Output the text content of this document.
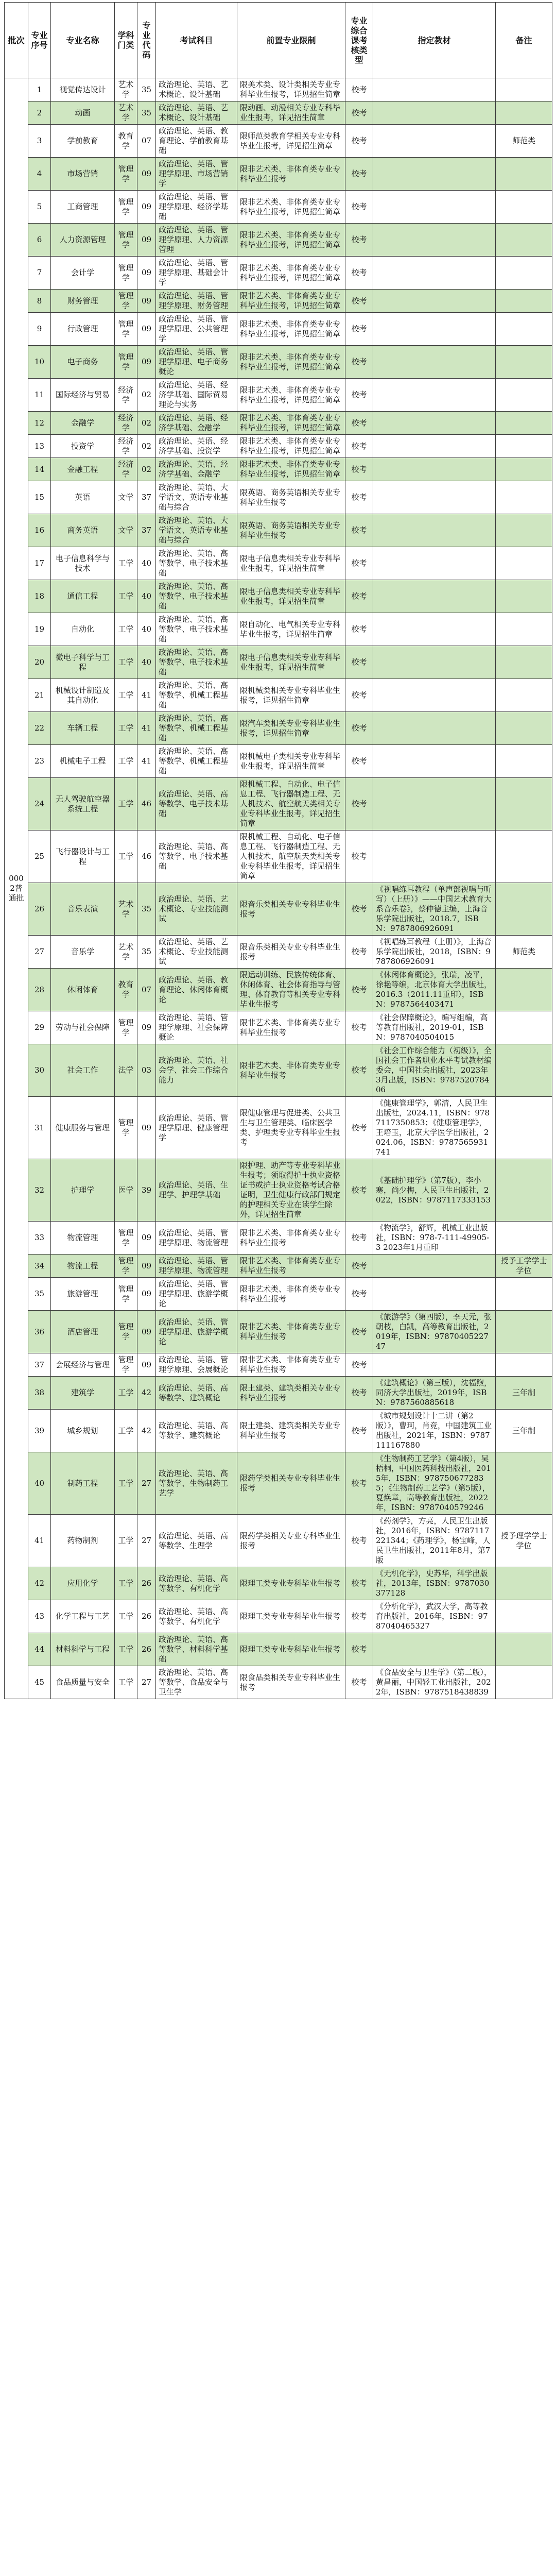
批次	专业序号	专业名称	学科门类	专业代码	考试科目	前置专业限制	专业综合课考核类型	指定教材	备注
0002普通批	1	视觉传达设计	艺术学	35	政治理论、英语、艺术概论、设计基础	限美术类、设计类相关专业专科毕业生报考，详见招生简章	校考		
	2	动画	艺术学	35	政治理论、英语、艺术概论、设计基础	限动画、动漫相关专业专科毕业生报考，详见招生简章	校考		
	3	学前教育	教育学	07	政治理论、英语、教育理论、学前教育基础	限师范类教育学相关专业专科毕业生报考，详见招生简章	校考		师范类
	4	市场营销	管理学	09	政治理论、英语、管理学原理、市场营销学	限非艺术类、非体育类专业专科毕业生报考	校考		
	5	工商管理	管理学	09	政治理论、英语、管理学原理、经济学基础	限非艺术类、非体育类专业专科毕业生报考，详见招生简章	校考		
	6	人力资源管理	管理学	09	政治理论、英语、管理学原理、人力资源管理	限非艺术类、非体育类专业专科毕业生报考，详见招生简章	校考		
	7	会计学	管理学	09	政治理论、英语、管理学原理、基础会计学	限非艺术类、非体育类专业专科毕业生报考，详见招生简章	校考		
	8	财务管理	管理学	09	政治理论、英语、管理学原理、财务管理	限非艺术类、非体育类专业专科毕业生报考，详见招生简章	校考		
	9	行政管理	管理学	09	政治理论、英语、管理学原理、公共管理学	限非艺术类、非体育类专业专科毕业生报考，详见招生简章	校考		
	10	电子商务	管理学	09	政治理论、英语、管理学原理、电子商务概论	限非艺术类、非体育类专业专科毕业生报考，详见招生简章	校考		
	11	国际经济与贸易	经济学	02	政治理论、英语、经济学基础、国际贸易理论与实务	限非艺术类、非体育类专业专科毕业生报考，详见招生简章	校考		
	12	金融学	经济学	02	政治理论、英语、经济学基础、金融学	限非艺术类、非体育类专业专科毕业生报考，详见招生简章	校考		
	13	投资学	经济学	02	政治理论、英语、经济学基础、投资学	限非艺术类、非体育类专业专科毕业生报考，详见招生简章	校考		
	14	金融工程	经济学	02	政治理论、英语、经济学基础、金融学	限非艺术类、非体育类专业专科毕业生报考，详见招生简章	校考		
	15	英语	文学	37	政治理论、英语、大学语文、英语专业基础与综合	限英语、商务英语相关专业专科毕业生报考	校考		
	16	商务英语	文学	37	政治理论、英语、大学语文、英语专业基础与综合	限英语、商务英语相关专业专科毕业生报考	校考		
	17	电子信息科学与技术	工学	40	政治理论、英语、高等数学、电子技术基础	限电子信息类相关专业专科毕业生报考，详见招生简章	校考		
	18	通信工程	工学	40	政治理论、英语、高等数学、电子技术基础	限电子信息类相关专业专科毕业生报考，详见招生简章	校考		
	19	自动化	工学	40	政治理论、英语、高等数学、电子技术基础	限自动化、电气相关专业专科毕业生报考，详见招生简章	校考		
	20	微电子科学与工程	工学	40	政治理论、英语、高等数学、电子技术基础	限电子信息类相关专业专科毕业生报考，详见招生简章	校考		
	21	机械设计制造及其自动化	工学	41	政治理论、英语、高等数学、机械工程基础	限机械类相关专业专科毕业生报考，详见招生简章	校考		
	22	车辆工程	工学	41	政治理论、英语、高等数学、机械工程基础	限汽车类相关专业专科毕业生报考，详见招生简章	校考		
	23	机械电子工程	工学	41	政治理论、英语、高等数学、机械工程基础	限机械电子类相关专业专科毕业生报考，详见招生简章	校考		
	24	无人驾驶航空器系统工程	工学	46	政治理论、英语、高等数学、电子技术基础	限机械工程、自动化、电子信息工程、飞行器制造工程、无人机技术、航空航天类相关专业专科毕业生报考，详见招生简章	校考		
	25	飞行器设计与工程	工学	46	政治理论、英语、高等数学、电子技术基础	限机械工程、自动化、电子信息工程、飞行器制造工程、无人机技术、航空航天类相关专业专科毕业生报考，详见招生简章	校考		
	26	音乐表演	艺术学	35	政治理论、英语、艺术概论、专业技能测试	限音乐类相关专业专科毕业生报考	校考	《视唱练耳教程（单声部视唱与听写）（上册）》——中国艺术教育大系音乐卷》，蔡仲德主编，上海音乐学院出版社，2018.7，ISBN：9787806926091	
	27	音乐学	艺术学	35	政治理论、英语、艺术概论、专业技能测试	限音乐类相关专业专科毕业生报考	校考	《视唱练耳教程（上册）》，上海音乐学院出版社，2018，ISBN：9787806926091	师范类
	28	休闲体育	教育学	07	政治理论、英语、教育理论、休闲体育概论	限运动训练、民族传统体育、休闲体育、社会体育指导与管理、体育教育等相关专业专科毕业生报考	校考	《休闲体育概论》，张瑞，凌平，徐艳等编，北京体育大学出版社，2016.3（2011.11重印），ISBN：9787564403471	
	29	劳动与社会保障	管理学	09	政治理论、英语、管理学原理、社会保障概论	限非艺术类、非体育类专业专科毕业生报考	校考	《社会保障概论》，编写组编，高等教育出版社，2019-01，ISBN：9787040504015	
	30	社会工作	法学	03	政治理论、英语、社会学、社会工作综合能力	限非艺术类、非体育类专业专科毕业生报考	校考	《社会工作综合能力（初级）》，全国社会工作者职业水平考试教材编委会，中国社会出版社，2023年3月出版，ISBN：978752078406	
	31	健康服务与管理	管理学	09	政治理论、英语、管理学原理、健康管理学	限健康管理与促进类、公共卫生与卫生管理类、临床医学类、护理类专业专科毕业生报考	校考	《健康管理学》，郭清，人民卫生出版社，2024.11，ISBN：9787117350853；《健康管理学》，王培玉，北京大学医学出版社，2024.06，ISBN：9787565931741	
	32	护理学	医学	39	政治理论、英语、生理学、护理学基础	限护理、助产等专业专科毕业生报考；须取得护士执业资格证书或护士执业资格考试合格证明，卫生健康行政部门规定的护理相关专业在读学生除外，详见招生简章	校考	《基础护理学》（第7版），李小寒，尚少梅，人民卫生出版社，2022，ISBN：9787117333153	
	33	物流管理	管理学	09	政治理论、英语、管理学原理、物流管理	限非艺术类、非体育类专业专科毕业生报考	校考	《物流学》，舒辉，机械工业出版社，ISBN：978-7-111-49905-3 2023年1月重印	
	34	物流工程	管理学	09	政治理论、英语、管理学原理、物流管理	限非艺术类、非体育类专业专科毕业生报考	校考		授予工学学士学位
	35	旅游管理	管理学	09	政治理论、英语、管理学原理、旅游学概论	限非艺术类、非体育类专业专科毕业生报考	校考		
	36	酒店管理	管理学	09	政治理论、英语、管理学原理、旅游学概论	限非艺术类、非体育类专业专科毕业生报考	校考	《旅游学》（第四版），李天元，张朝枝，白凯，高等教育出版社，2019年，ISBN：9787040522747	
	37	会展经济与管理	管理学	09	政治理论、英语、管理学原理、会展概论	限非艺术类、非体育类专业专科毕业生报考	校考		
	38	建筑学	工学	42	政治理论、英语、高等数学、建筑概论	限土建类、建筑类相关专业专科毕业生报考	校考	《建筑概论》（第三版），沈福煦，同济大学出版社，2019年，ISBN：9787560885618	三年制
	39	城乡规划	工学	42	政治理论、英语、高等数学、建筑概论	限土建类、建筑类相关专业专科毕业生报考	校考	《城市规划设计十二讲（第2版）》，曹珂，肖竞，中国建筑工业出版社，2021年，ISBN：9787111167880	三年制
	40	制药工程	工学	27	政治理论、英语、高等数学、生物制药工艺学	限药学类相关专业专科毕业生报考	校考	《生物制药工艺学》（第4版），吴梧桐，中国医药科技出版社，2015年，ISBN：9787506772835；《生物制药工艺学》（第5版），夏焕章，高等教育出版社，2022年，ISBN：9787040579246	
	41	药物制剂	工学	27	政治理论、英语、高等数学、生理学	限药学类相关专业专科毕业生报考	校考	《药剂学》，方亮，人民卫生出版社，2016年，ISBN：9787117221344；《药理学》，杨宝峰，人民卫生出版社，2011年8月，第7版	授予理学学士学位
	42	应用化学	工学	26	政治理论、英语、高等数学、有机化学	限理工类专业专科毕业生报考	校考	《无机化学》，史苏华，科学出版社，2013年，ISBN：9787030377128	
	43	化学工程与工艺	工学	26	政治理论、英语、高等数学、有机化学	限理工类专业专科毕业生报考	校考	《分析化学》，武汉大学，高等教育出版社，2016年，ISBN：9787040465327	
	44	材料科学与工程	工学	26	政治理论、英语、高等数学、材料科学基础	限理工类专业专科毕业生报考	校考		
	45	食品质量与安全	工学	27	政治理论、英语、高等数学、食品安全与卫生学	限食品类相关专业专科毕业生报考	校考	《食品安全与卫生学》（第二版），黄昌丽，中国轻工业出版社，2022年，ISBN：9787518438839	
